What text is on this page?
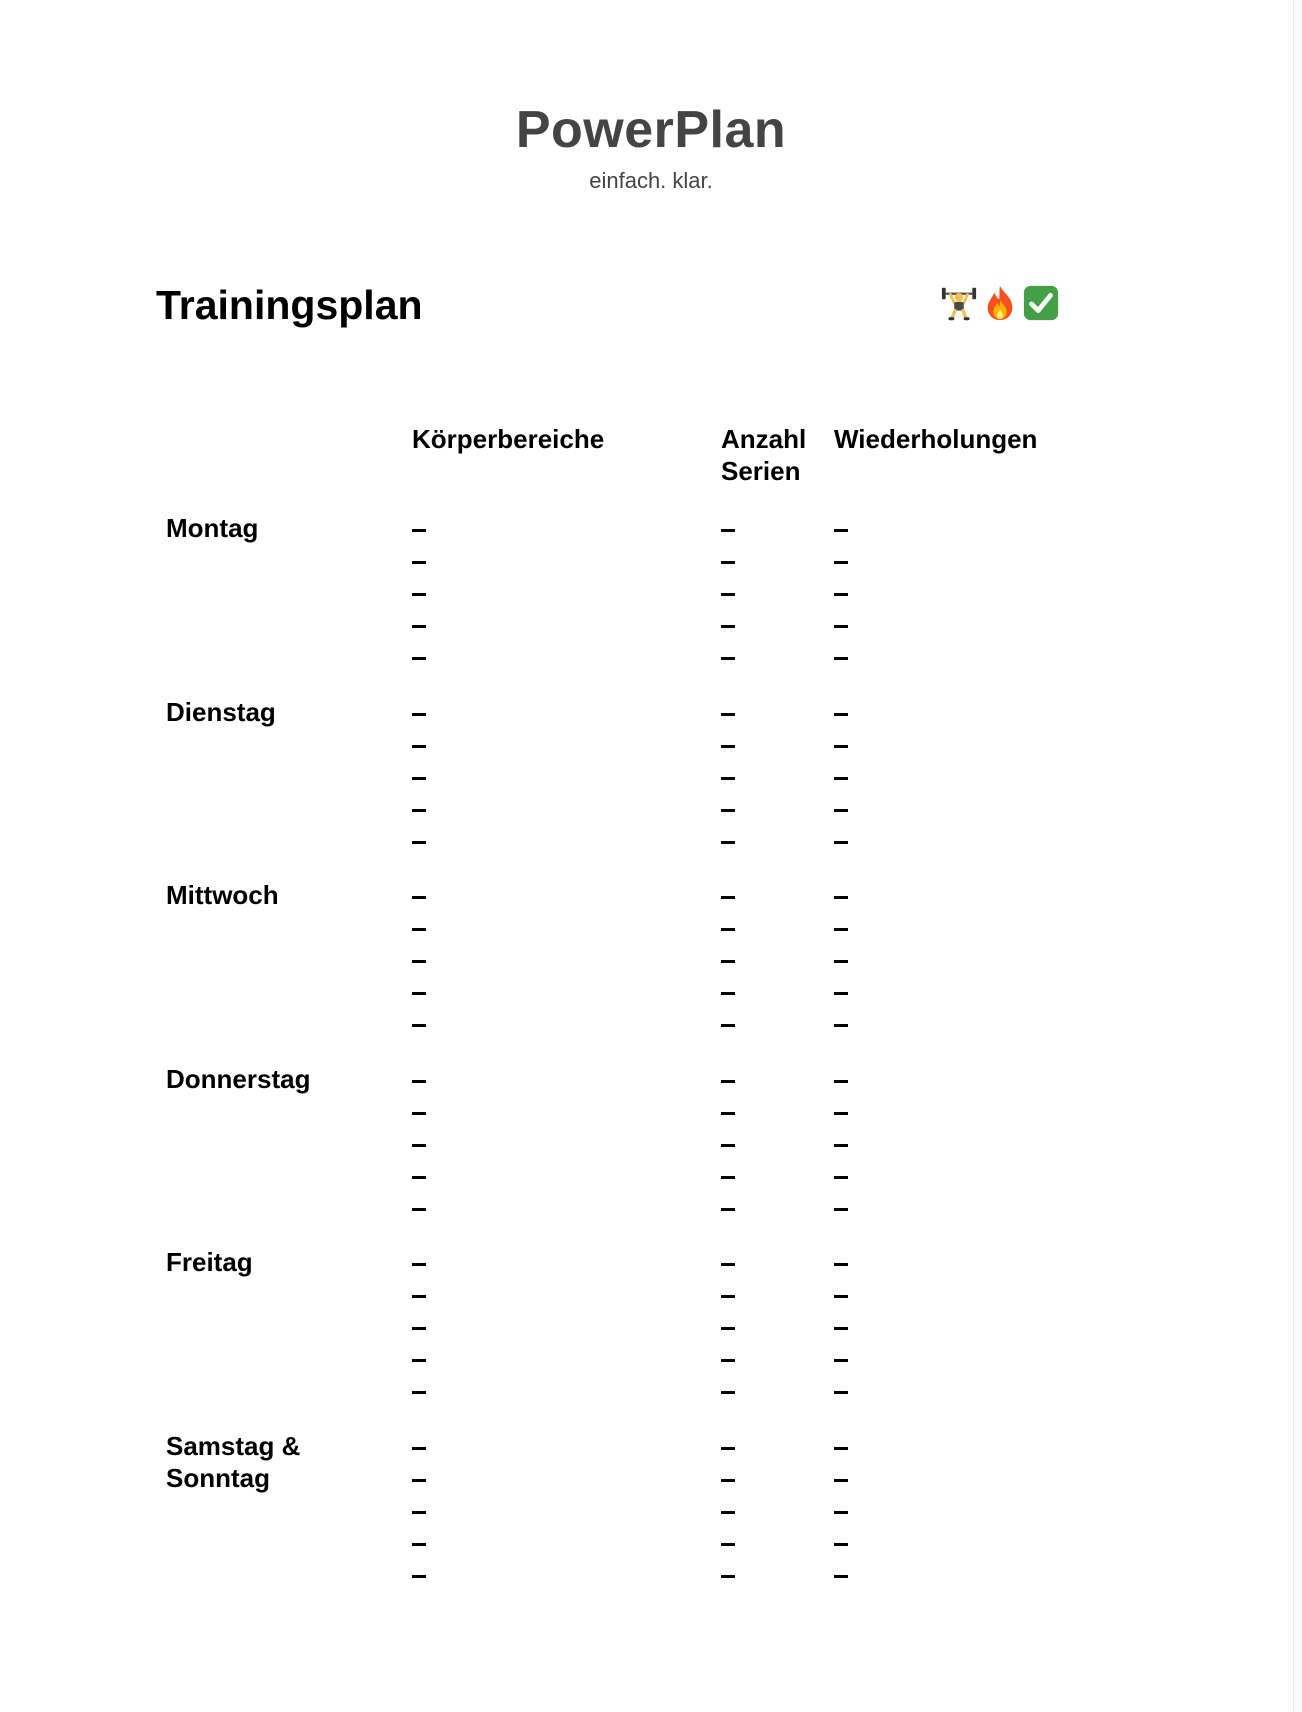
PowerPlan

einfach. klar.

Trainingsplan
Körperbereiche	Anzahl Serien
Wiederholungen
Montag
Dienstag
Mittwoch
Donnerstag
Freitag
Samstag & Sonntag
